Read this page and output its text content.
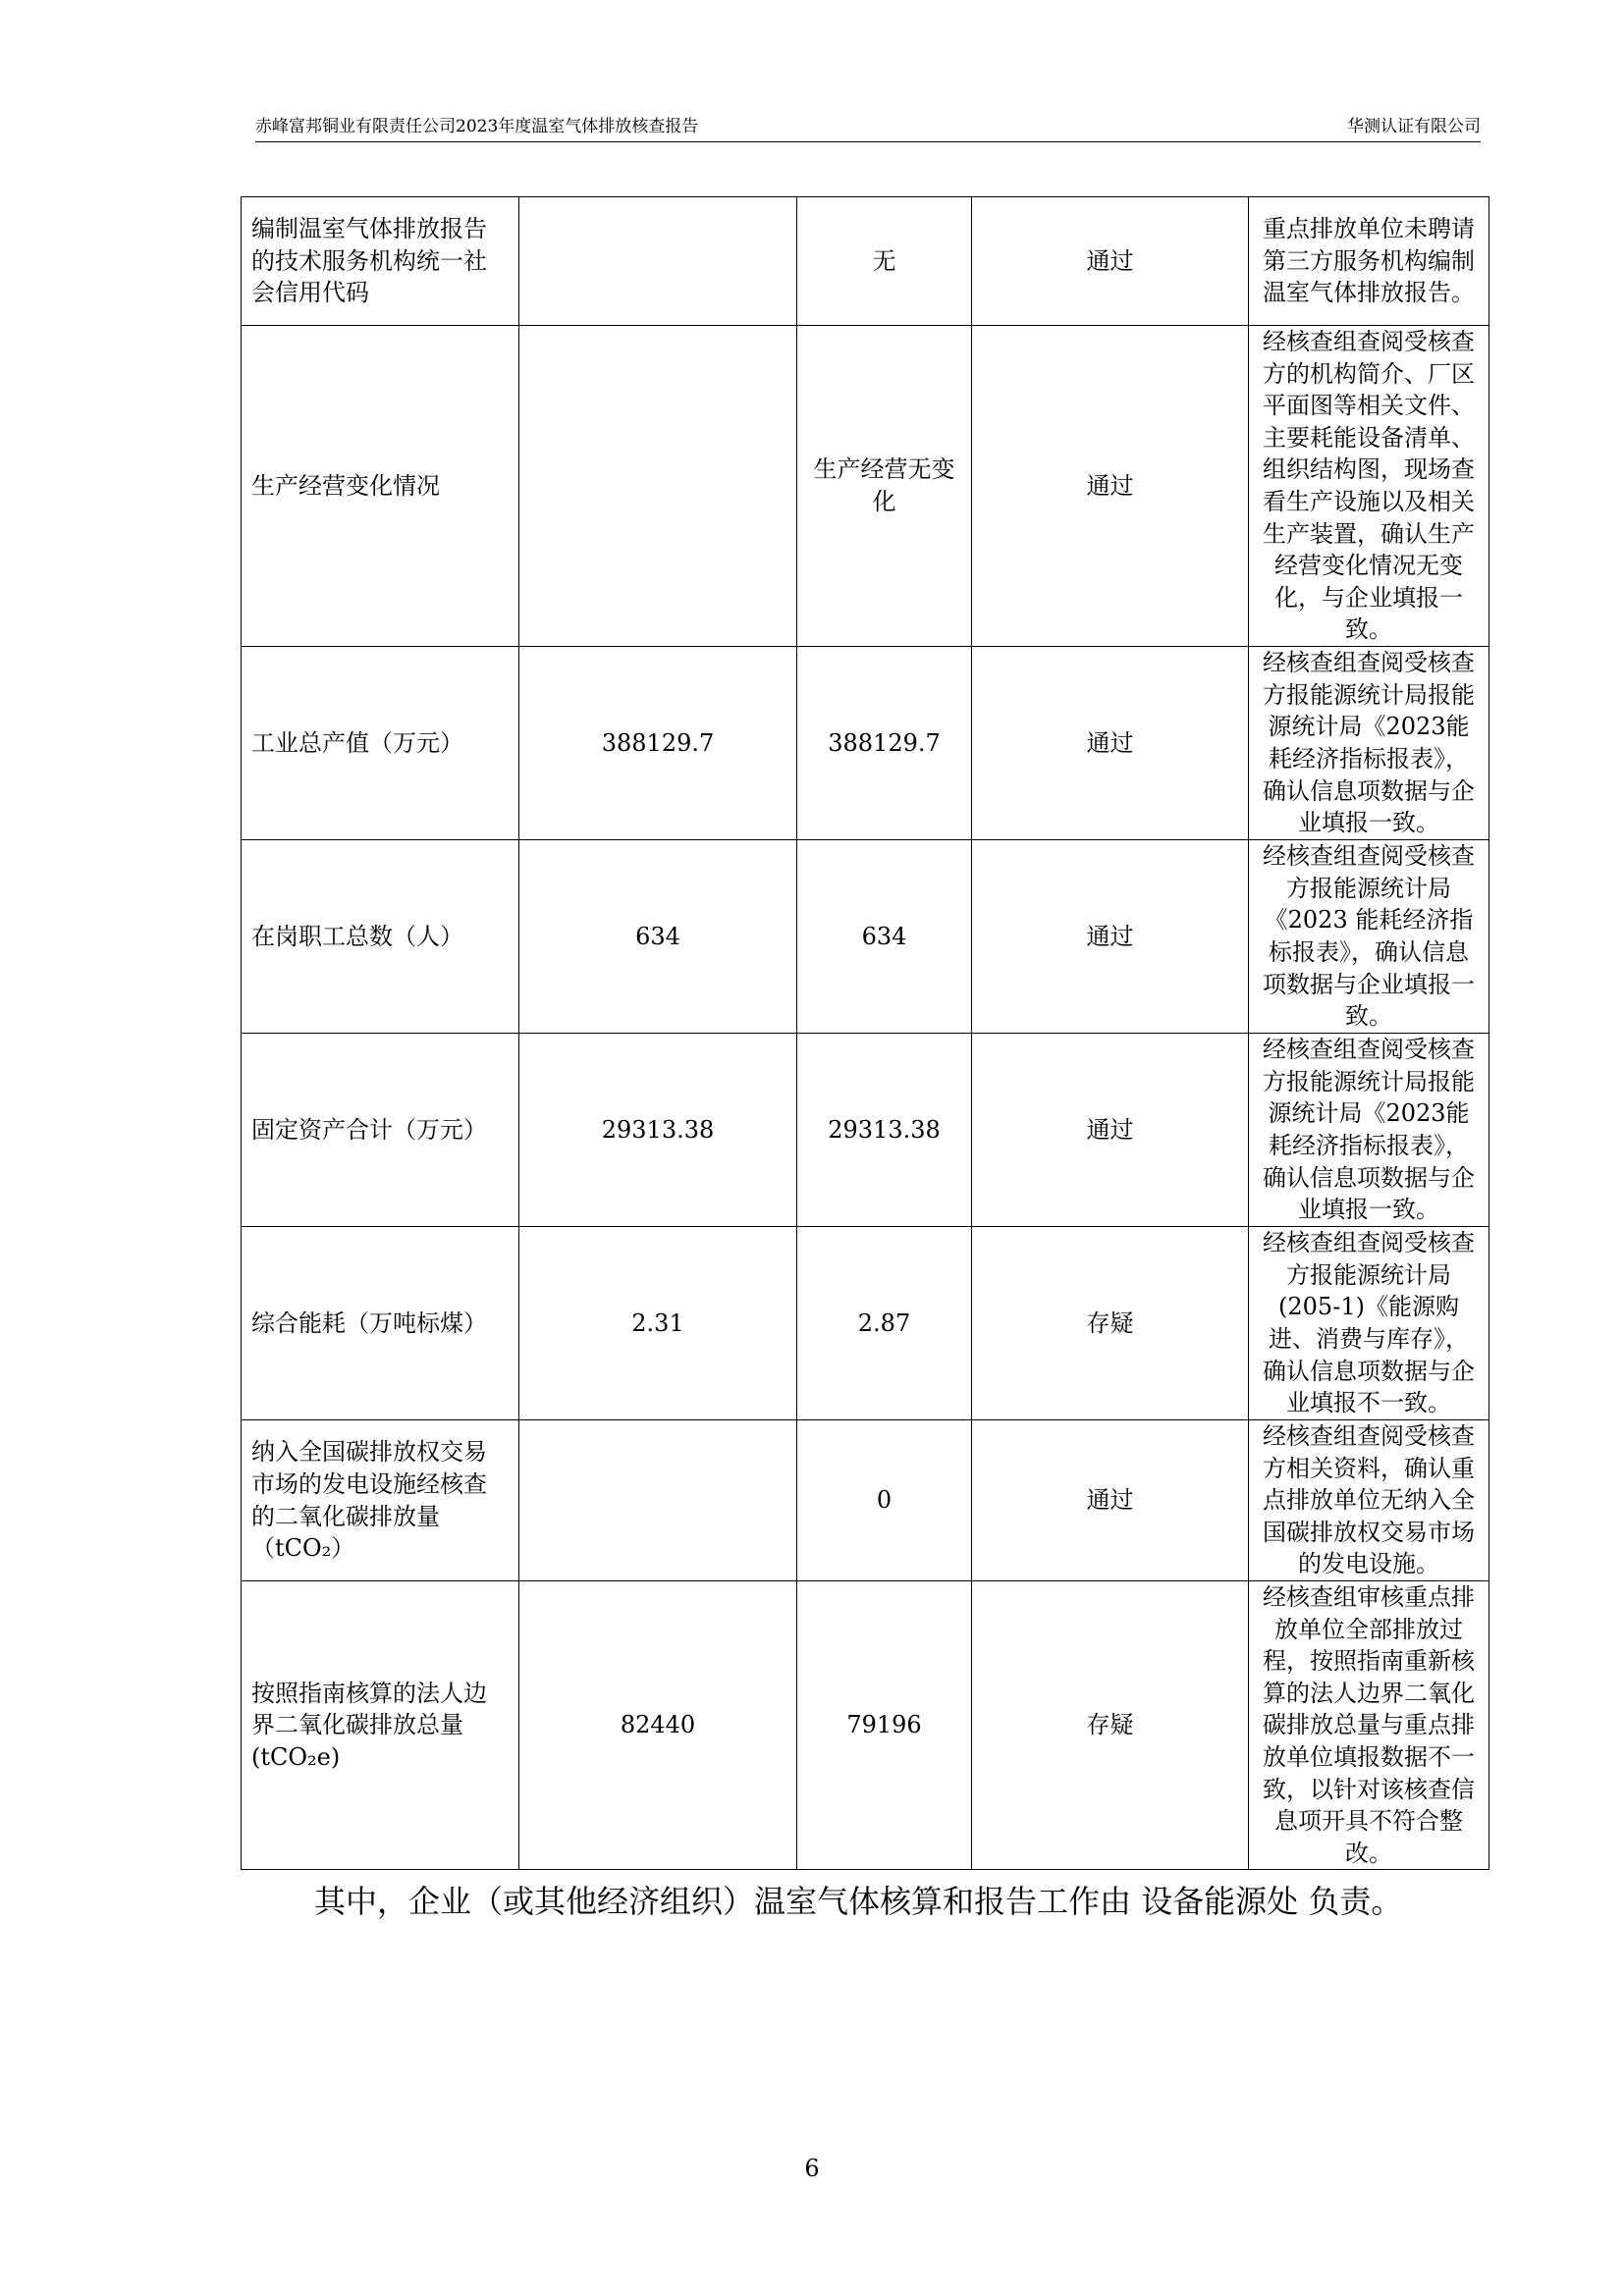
赤峰富邦铜业有限责任公司2023年度温室气体排放核查报告	华测认证有限公司
编制温室气体排放报告的技术服务机构统一社会信用代码		无	通过	重点排放单位未聘请第三方服务机构编制温室气体排放报告。
生产经营变化情况		生产经营无变化	通过	经核查组查阅受核查方的机构简介、厂区平面图等相关文件、主要耗能设备清单、组织结构图，现场查看生产设施以及相关生产装置，确认生产经营变化情况无变化，与企业填报一致。
工业总产值（万元）	388129.7	388129.7	通过	经核查组查阅受核查方报能源统计局报能源统计局《2023能耗经济指标报表》，确认信息项数据与企业填报一致。
在岗职工总数（人）	634	634	通过	经核查组查阅受核查方报能源统计局《2023 能耗经济指标报表》，确认信息项数据与企业填报一致。
固定资产合计（万元）	29313.38	29313.38	通过	经核查组查阅受核查方报能源统计局报能源统计局《2023能耗经济指标报表》，确认信息项数据与企业填报一致。
综合能耗（万吨标煤）	2.31	2.87	存疑	经核查组查阅受核查方报能源统计局(205-1)《能源购进、消费与库存》，确认信息项数据与企业填报不一致。
纳入全国碳排放权交易市场的发电设施经核查的二氧化碳排放量（tCO₂）		0	通过	经核查组查阅受核查方相关资料，确认重点排放单位无纳入全国碳排放权交易市场的发电设施。
按照指南核算的法人边界二氧化碳排放总量(tCO₂e)	82440	79196	存疑	经核查组审核重点排放单位全部排放过程，按照指南重新核算的法人边界二氧化碳排放总量与重点排放单位填报数据不一致，以针对该核查信息项开具不符合整改。
其中，企业（或其他经济组织）温室气体核算和报告工作由 设备能源处 负责。
6
